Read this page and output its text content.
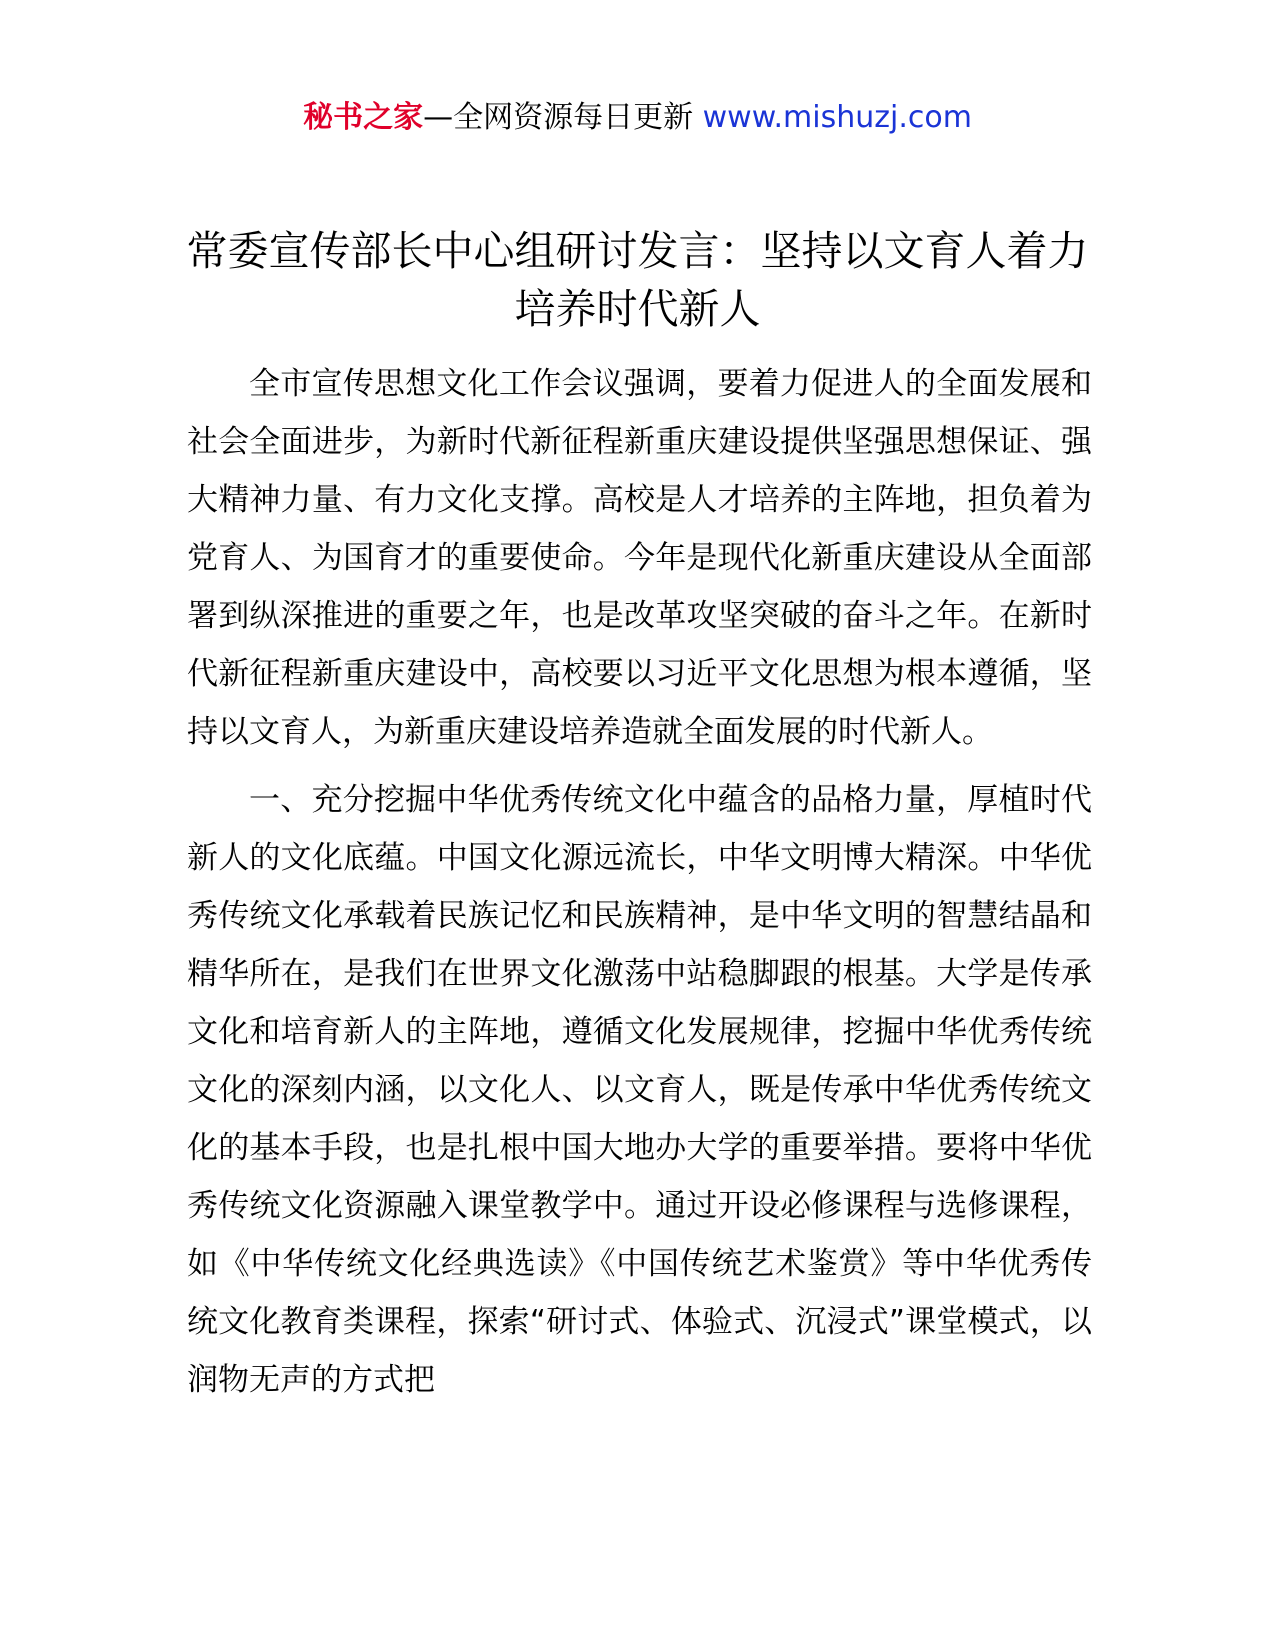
秘书之家—全网资源每日更新 www.mishuzj.com
常委宣传部长中心组研讨发言：坚持以文育人着力培养时代新人

全市宣传思想文化工作会议强调，要着力促进人的全面发展和社会全面进步，为新时代新征程新重庆建设提供坚强思想保证、强大精神力量、有力文化支撑。高校是人才培养的主阵地，担负着为党育人、为国育才的重要使命。今年是现代化新重庆建设从全面部署到纵深推进的重要之年，也是改革攻坚突破的奋斗之年。在新时代新征程新重庆建设中，高校要以习近平文化思想为根本遵循，坚持以文育人，为新重庆建设培养造就全面发展的时代新人。

一、充分挖掘中华优秀传统文化中蕴含的品格力量，厚植时代新人的文化底蕴。中国文化源远流长，中华文明博大精深。中华优秀传统文化承载着民族记忆和民族精神，是中华文明的智慧结晶和精华所在，是我们在世界文化激荡中站稳脚跟的根基。大学是传承文化和培育新人的主阵地，遵循文化发展规律，挖掘中华优秀传统文化的深刻内涵，以文化人、以文育人，既是传承中华优秀传统文化的基本手段，也是扎根中国大地办大学的重要举措。要将中华优秀传统文化资源融入课堂教学中。通过开设必修课程与选修课程，如《中华传统文化经典选读》《中国传统艺术鉴赏》等中华优秀传统文化教育类课程，探索“研讨式、体验式、沉浸式”课堂模式，以润物无声的方式把
